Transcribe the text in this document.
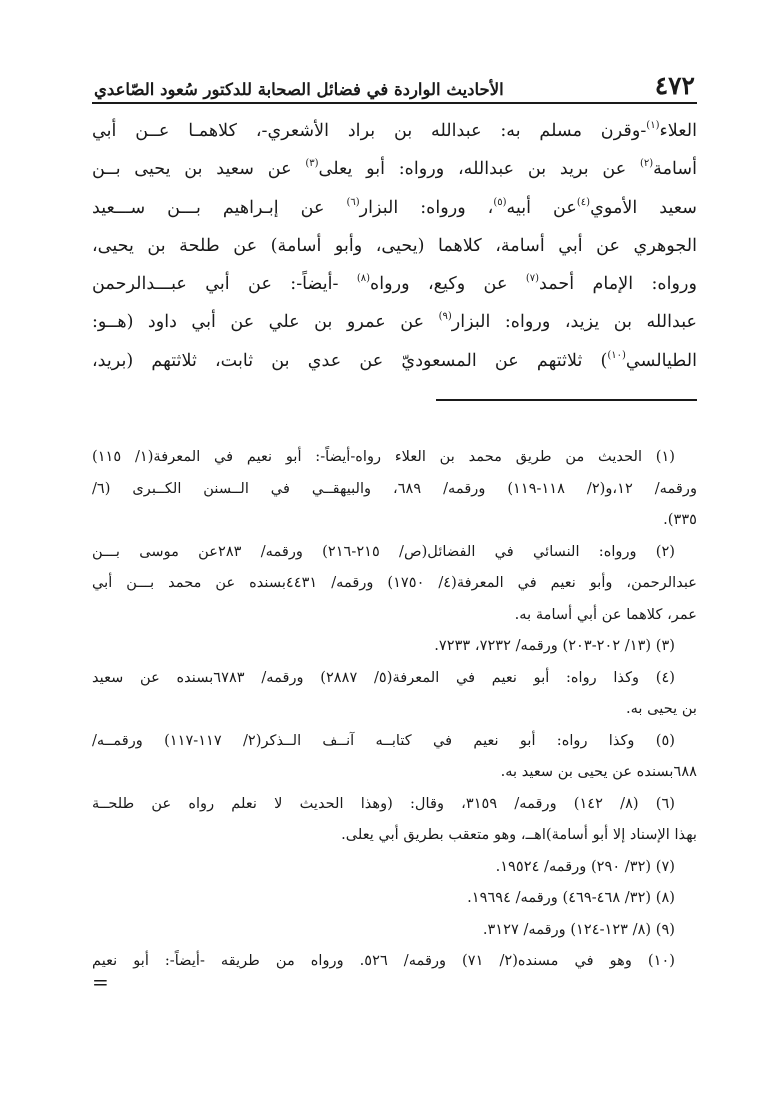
٤٧٢
الأحاديث الواردة في فضائل الصحابة للدكتور سُعود الصّاعدي
العلاء$^{(١)}$-وقرن مسلم به: عبدالله بن براد الأشعري-، كلاهمـا عــن أبي
أسامة$^{(٢)}$ عن بريد بن عبدالله، ورواه: أبو يعلى$^{(٣)}$ عن سعيد بن يحيى بــن
سعيد الأموي$^{(٤)}$عن أبيه$^{(٥)}$، ورواه: البزار$^{(٦)}$ عن إبـراهيم بـــن ســـعيد
الجوهري عن أبي أسامة، كلاهما (يحيى، وأبو أسامة) عن طلحة بن يحيى،
ورواه: الإمام أحمد$^{(٧)}$ عن وكيع، ورواه$^{(٨)}$ -أيضاً-: عن أبي عبـــدالرحمن
عبدالله بن يزيد، ورواه: البزار$^{(٩)}$ عن عمرو بن علي عن أبي داود (هــو:
الطيالسي$^{(١٠)}$) ثلاثتهم عن المسعوديّ عن عدي بن ثابت، ثلاثتهم (بريد،
(١) الحديث من طريق محمد بن العلاء رواه-أيضاً-: أبو نعيم في المعرفة(١/ ١١٥)
ورقمه/ ١٢،و(٢/ ١١٨-١١٩) ورقمه/ ٦٨٩، والبيهقــي في الــسنن الكــبرى (٦/
٣٣٥).
(٢) ورواه: النسائي في الفضائل(ص/ ٢١٥-٢١٦) ورقمه/ ٢٨٣عن موسى بـــن
عبدالرحمن، وأبو نعيم في المعرفة(٤/ ١٧٥٠) ورقمه/ ٤٤٣١بسنده عن محمد بـــن أبي
عمر، كلاهما عن أبي أسامة به.
(٣) (١٣/ ٢٠٢-٢٠٣) ورقمه/ ٧٢٣٢، ٧٢٣٣.
(٤) وكذا رواه: أبو نعيم في المعرفة(٥/ ٢٨٨٧) ورقمه/ ٦٧٨٣بسنده عن سعيد
بن يحيى به.
(٥) وكذا رواه: أبو نعيم في كتابــه آنــف الــذكر(٢/ ١١٧-١١٧) ورقمــه/
٦٨٨بسنده عن يحيى بن سعيد به.
(٦) (٨/ ١٤٢) ورقمه/ ٣١٥٩، وقال: (وهذا الحديث لا نعلم رواه عن طلحــة
بهذا الإسناد إلا أبو أسامة)اهــ، وهو متعقب بطريق أبي يعلى.
(٧) (٣٢/ ٢٩٠) ورقمه/ ١٩٥٢٤.
(٨) (٣٢/ ٤٦٨-٤٦٩) ورقمه/ ١٩٦٩٤.
(٩) (٨/ ١٢٣-١٢٤) ورقمه/ ٣١٢٧.
(١٠) وهو في مسنده(٢/ ٧١) ورقمه/ ٥٢٦. ورواه من طريقه -أيضاً-: أبو نعيم
=
